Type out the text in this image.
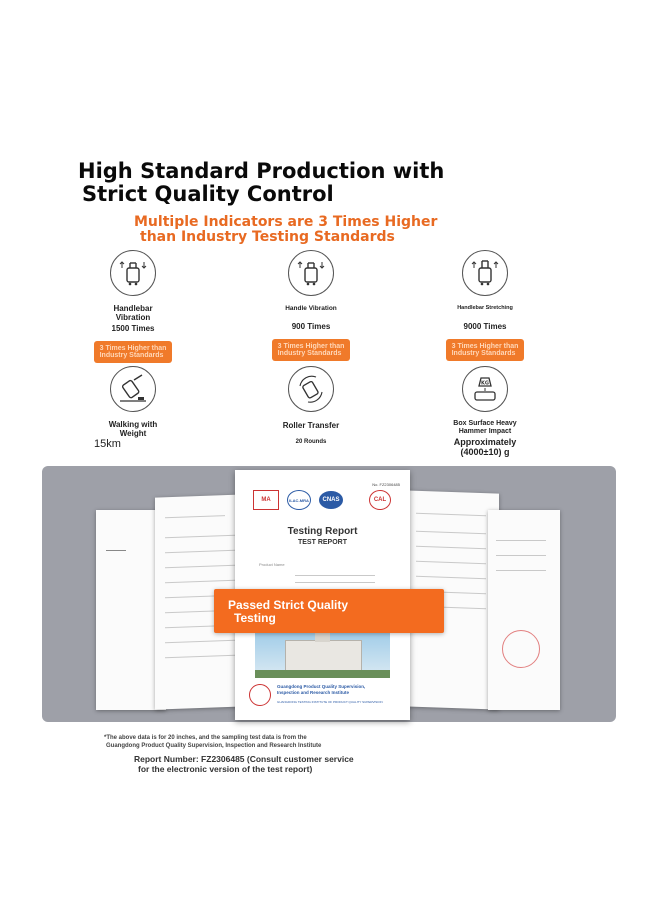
High Standard Production with
Strict Quality Control
Multiple Indicators are 3 Times Higher
than Industry Testing Standards
Handlebar
Vibration
1500 Times
3 Times Higher than
Industry Standards
Handle Vibration
900 Times
3 Times Higher than
Industry Standards
Handlebar Stretching
9000 Times
3 Times Higher than
Industry Standards
Walking with
Weight
15km
Roller Transfer
20 Rounds
KG
Box Surface Heavy
Hammer Impact
Approximately
(4000±10) g
No. FZ2306485
MA	ILAC-MRA	CNAS	CAL
Testing Report
TEST REPORT
Product Name
Guangdong Product Quality Supervision,
Inspection and Research Institute
GUANGDONG TESTING INSTITUTE OF PRODUCT QUALITY SUPERVISION
Passed Strict Quality
Testing
*The above data is for 20 inches, and the sampling test data is from the
Guangdong Product Quality Supervision, Inspection and Research Institute
Report Number: FZ2306485 (Consult customer service
for the electronic version of the test report)
